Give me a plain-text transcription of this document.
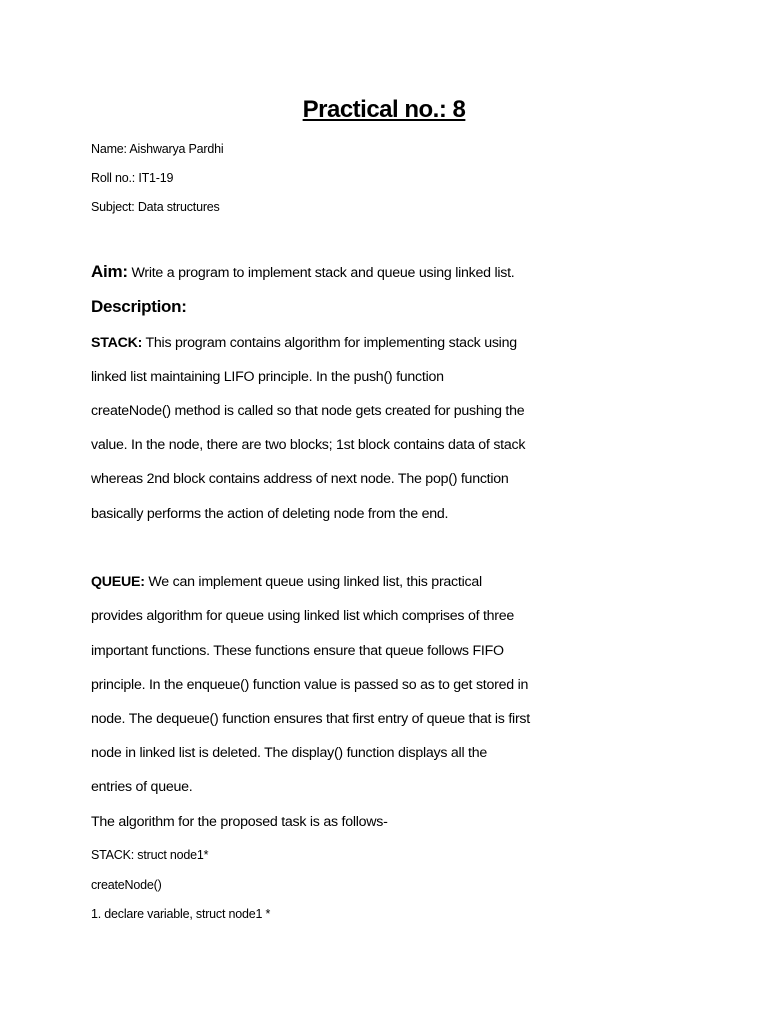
Practical no.: 8
Name: Aishwarya Pardhi
Roll no.: IT1-19
Subject: Data structures
Aim: Write a program to implement stack and queue using linked list.
Description:
STACK: This program contains algorithm for implementing stack using
linked list maintaining LIFO principle. In the push() function
createNode() method is called so that node gets created for pushing the
value. In the node, there are two blocks; 1st block contains data of stack
whereas 2nd block contains address of next node. The pop() function
basically performs the action of deleting node from the end.
QUEUE: We can implement queue using linked list, this practical
provides algorithm for queue using linked list which comprises of three
important functions. These functions ensure that queue follows FIFO
principle. In the enqueue() function value is passed so as to get stored in
node. The dequeue() function ensures that first entry of queue that is first
node in linked list is deleted. The display() function displays all the
entries of queue.
The algorithm for the proposed task is as follows-
STACK: struct node1*
createNode()
1. declare variable, struct node1 *
